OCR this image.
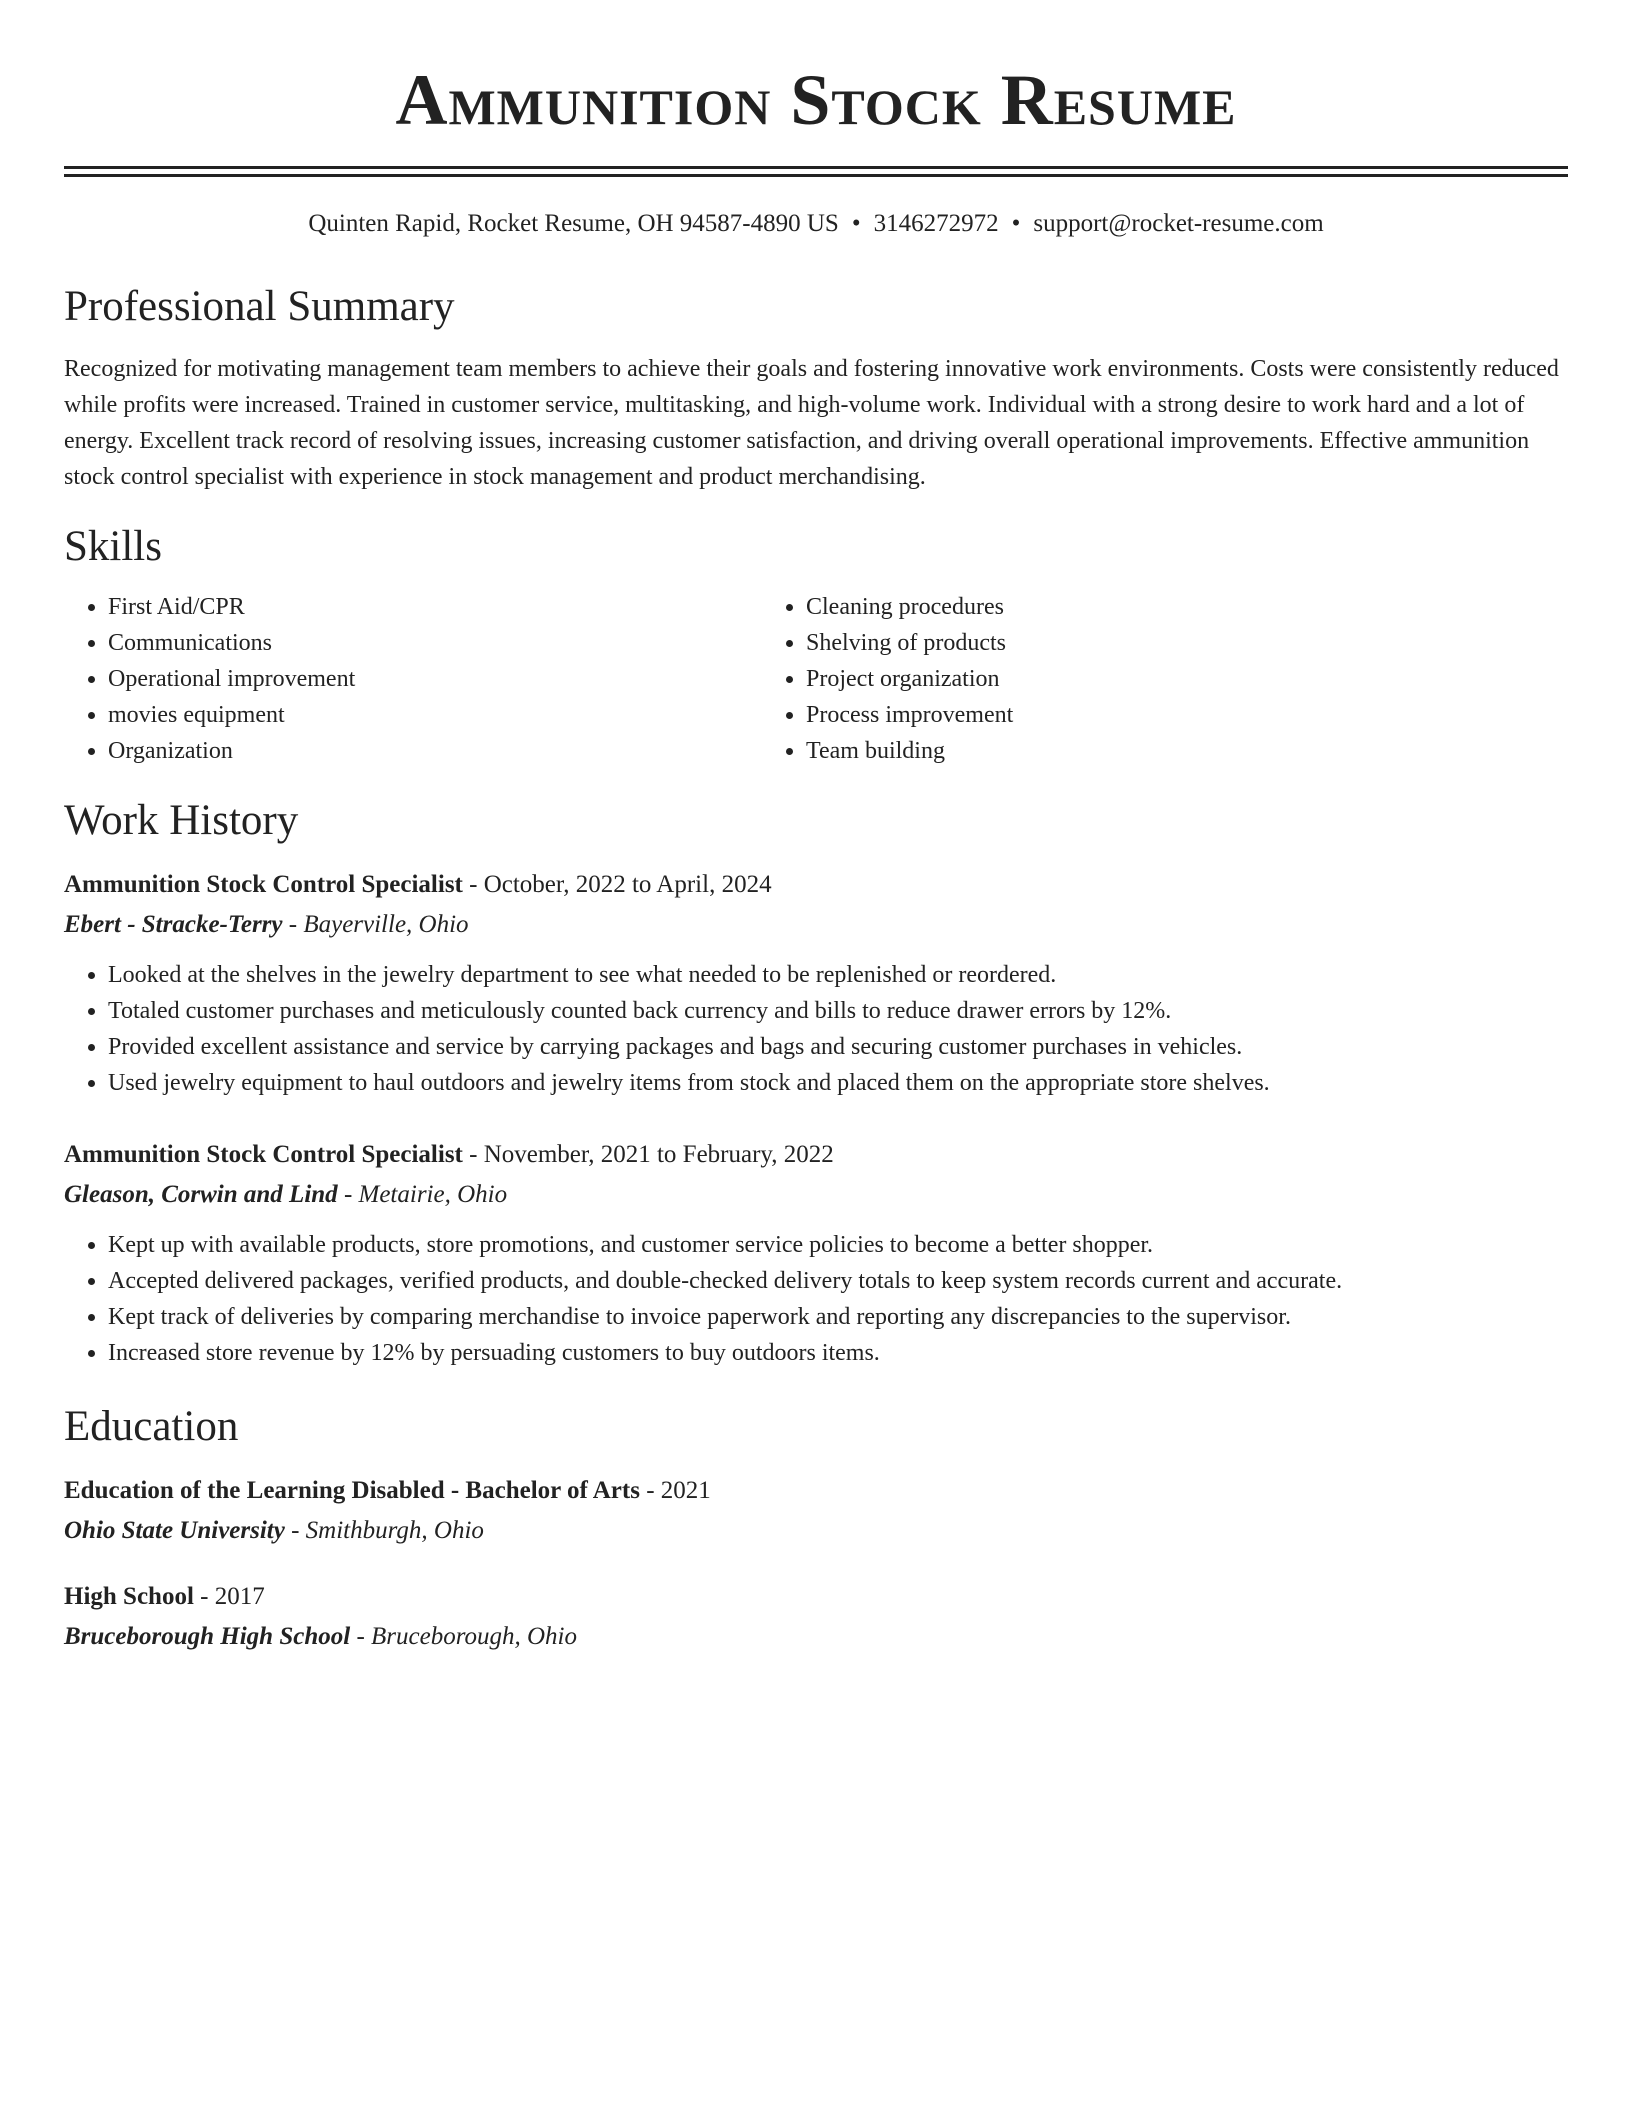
Ammunition Stock Resume
Quinten Rapid, Rocket Resume, OH 94587-4890 US • 3146272972 • support@rocket-resume.com
Professional Summary

Recognized for motivating management team members to achieve their goals and fostering innovative work environments. Costs were consistently reduced while profits were increased. Trained in customer service, multitasking, and high-volume work. Individual with a strong desire to work hard and a lot of energy. Excellent track record of resolving issues, increasing customer satisfaction, and driving overall operational improvements. Effective ammunition stock control specialist with experience in stock management and product merchandising.

Skills
• First Aid/CPR
• Communications
• Operational improvement
• movies equipment
• Organization
• Cleaning procedures
• Shelving of products
• Project organization
• Process improvement
• Team building
Work History
Ammunition Stock Control Specialist - October, 2022 to April, 2024
Ebert - Stracke-Terry - Bayerville, Ohio
• Looked at the shelves in the jewelry department to see what needed to be replenished or reordered.
• Totaled customer purchases and meticulously counted back currency and bills to reduce drawer errors by 12%.
• Provided excellent assistance and service by carrying packages and bags and securing customer purchases in vehicles.
• Used jewelry equipment to haul outdoors and jewelry items from stock and placed them on the appropriate store shelves.
Ammunition Stock Control Specialist - November, 2021 to February, 2022
Gleason, Corwin and Lind - Metairie, Ohio
• Kept up with available products, store promotions, and customer service policies to become a better shopper.
• Accepted delivered packages, verified products, and double-checked delivery totals to keep system records current and accurate.
• Kept track of deliveries by comparing merchandise to invoice paperwork and reporting any discrepancies to the supervisor.
• Increased store revenue by 12% by persuading customers to buy outdoors items.
Education
Education of the Learning Disabled - Bachelor of Arts - 2021
Ohio State University - Smithburgh, Ohio
High School - 2017
Bruceborough High School - Bruceborough, Ohio
